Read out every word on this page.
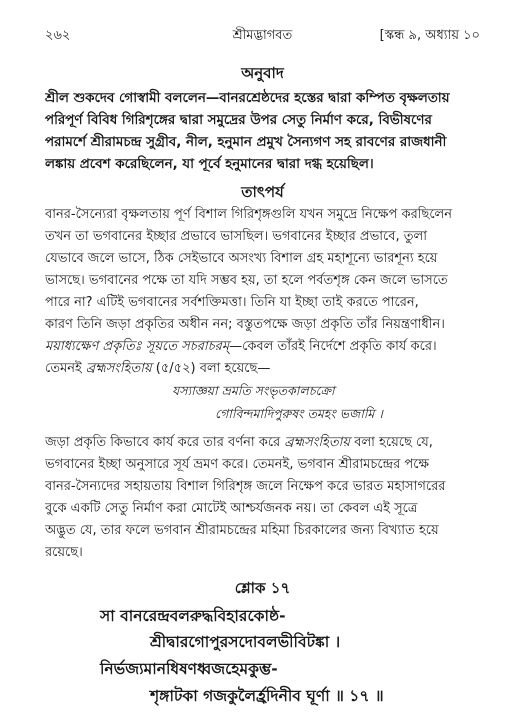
২৬২	শ্রীমদ্ভাগবত	[স্কন্ধ ৯, অধ্যায় ১০
অনুবাদ
শ্রীল শুকদেব গোস্বামী বললেন—বানরশ্রেষ্ঠদের হস্তের দ্বারা কম্পিত বৃক্ষলতায়
পরিপূর্ণ বিবিধ গিরিশৃঙ্গের দ্বারা সমুদ্রের উপর সেতু নির্মাণ করে, বিভীষণের
পরামর্শে শ্রীরামচন্দ্র সুগ্রীব, নীল, হনুমান প্রমুখ সৈন্যগণ সহ রাবণের রাজধানী
লঙ্কায় প্রবেশ করেছিলেন, যা পূর্বে হনুমানের দ্বারা দগ্ধ হয়েছিল।
তাৎপর্য
বানর-সৈন্যেরা বৃক্ষলতায় পূর্ণ বিশাল গিরিশৃঙ্গগুলি যখন সমুদ্রে নিক্ষেপ করছিলেন
তখন তা ভগবানের ইচ্ছার প্রভাবে ভাসছিল। ভগবানের ইচ্ছার প্রভাবে, তুলা
যেভাবে জলে ভাসে, ঠিক সেইভাবে অসংখ্য বিশাল গ্রহ মহাশূন্যে ভারশূন্য হয়ে
ভাসছে। ভগবানের পক্ষে তা যদি সম্ভব হয়, তা হলে পর্বতশৃঙ্গ কেন জলে ভাসতে
পারে না? এটিই ভগবানের সর্বশক্তিমত্তা। তিনি যা ইচ্ছা তাই করতে পারেন,
কারণ তিনি জড়া প্রকৃতির অধীন নন; বস্তুতপক্ষে জড়া প্রকৃতি তাঁর নিয়ন্ত্রণাধীন।
ময়াধ্যক্ষেণ প্রকৃতিঃ সূয়তে সচরাচরম্—কেবল তাঁরই নির্দেশে প্রকৃতি কার্য করে।
তেমনই ব্রহ্মসংহিতায় (৫/৫২) বলা হয়েছে—
যস্যাজ্ঞয়া ভ্রমতি সংভৃতকালচক্রো
গোবিন্দমাদিপুরুষং তমহং ভজামি ।
জড়া প্রকৃতি কিভাবে কার্য করে তার বর্ণনা করে ব্রহ্মসংহিতায় বলা হয়েছে যে,
ভগবানের ইচ্ছা অনুসারে সূর্য ভ্রমণ করে। তেমনই, ভগবান শ্রীরামচন্দ্রের পক্ষে
বানর-সৈন্যদের সহায়তায় বিশাল গিরিশৃঙ্গ জলে নিক্ষেপ করে ভারত মহাসাগরের
বুকে একটি সেতু নির্মাণ করা মোটেই আশ্চর্যজনক নয়। তা কেবল এই সূত্রে
অদ্ভুত যে, তার ফলে ভগবান শ্রীরামচন্দ্রের মহিমা চিরকালের জন্য বিখ্যাত হয়ে
রয়েছে।
শ্লোক ১৭
সা বানরেন্দ্রবলরুদ্ধবিহারকোষ্ঠ-
শ্রীদ্বারগোপুরসদোবলভীবিটঙ্কা ।
নির্ভজ্যমানধিষণধ্বজহেমকুম্ভ-
শৃঙ্গাটকা গজকুলৈর্হ্রদিনীব ঘূর্ণা ॥ ১৭ ॥
